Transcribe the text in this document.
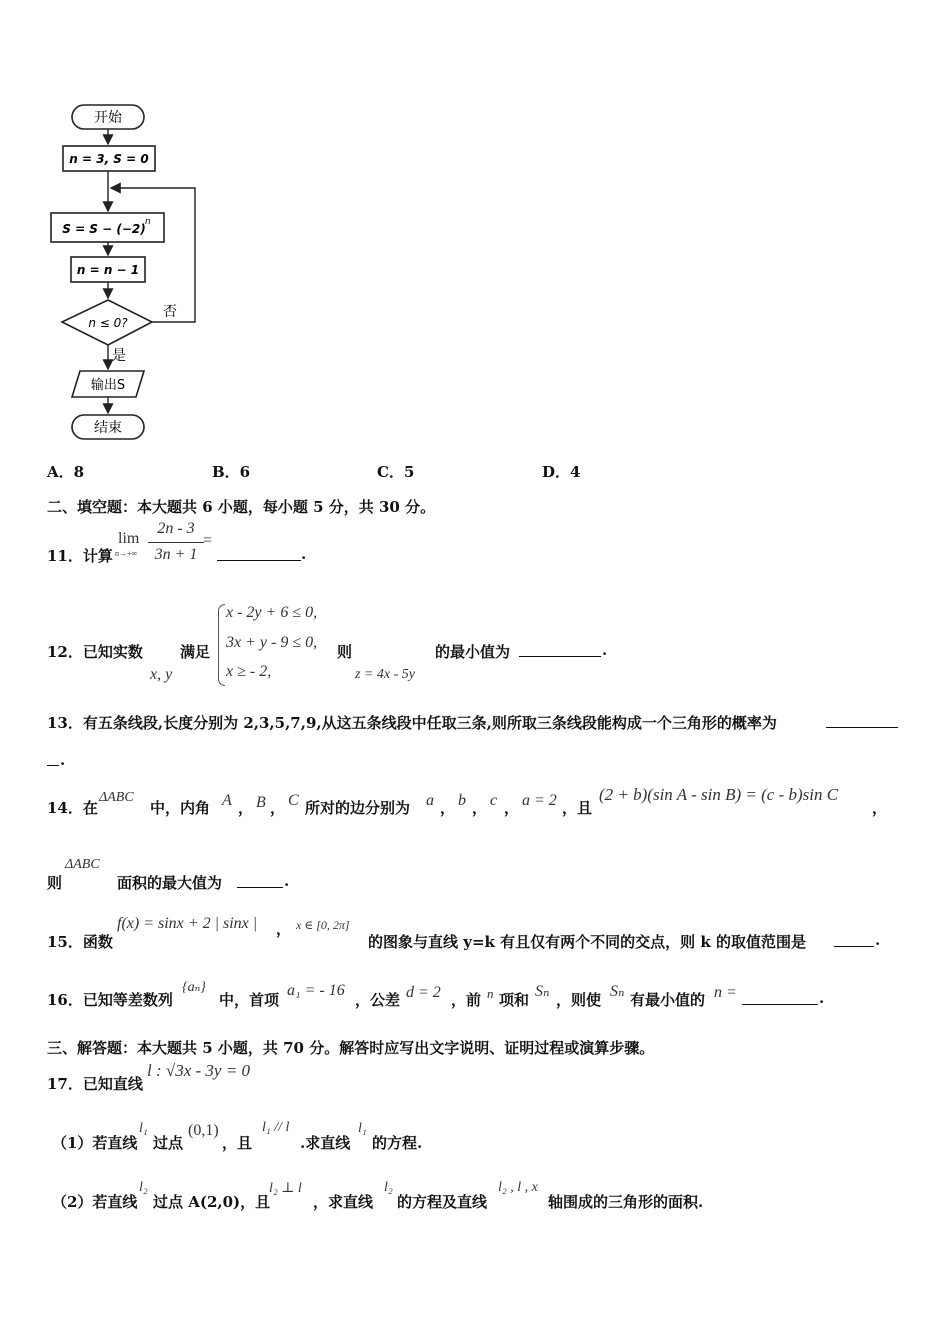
开始
n = 3, S = 0
S = S − (−2) n
n = n − 1
n ≤ 0?
否
是
输出S
结束
A．8	B．6	C．5	D．4
二、填空题：本大题共 6 小题，每小题 5 分，共 30 分。
11．计算
lim
n→+∞
2n - 3
3n + 1
=
.
12．已知实数
x, y
满足
x - 2y + 6 ≤ 0,
3x + y - 9 ≤ 0,
x ≥ - 2,
则
z = 4x - 5y
的最小值为	.
13．有五条线段,长度分别为 2,3,5,7,9,从这五条线段中任取三条,则所取三条线段能构成一个三角形的概率为
.
14．在
ΔABC
中，内角 A ， B ， C 所对的边分别为 a ， b ， c ， a = 2 ，且
(2 + b)(sin A - sin B) = (c - b)sin C
，
则
ΔABC
面积的最大值为	.
15．函数
f(x) = sinx + 2 | sinx | ， x ∈ [0, 2π]
的图象与直线 y=k 有且仅有两个不同的交点，则 k 的取值范围是	.
16．已知等差数列
{aₙ}
中，首项
a₁ = - 16
，公差 d = 2 ，前 n 项和 Sₙ ，则使 Sₙ 有最小值的 n =	.
三、解答题：本大题共 5 小题，共 70 分。解答时应写出文字说明、证明过程或演算步骤。
17．已知直线
l : √3x - 3y = 0
（1）若直线
l₁
过点
(0,1)
，且
l₁ // l
.求直线
l₁
的方程.
（2）若直线
l₂
过点 A(2,0)，且
l₂ ⊥ l
，求直线
l₂
的方程及直线
l₂ , l , x
轴围成的三角形的面积.
